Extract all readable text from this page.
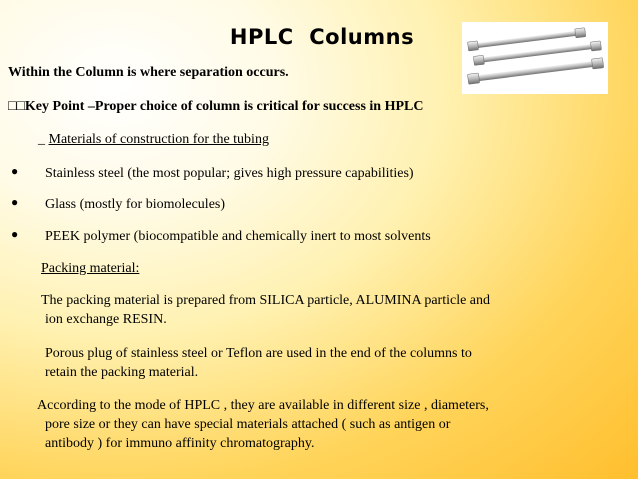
HPLC  Columns
Within the Column is where separation occurs.
□□Key Point –Proper choice of column is critical for success in HPLC
_ Materials of construction for the tubing
● Stainless steel (the most popular; gives high pressure capabilities)
● Glass (mostly for biomolecules)
● PEEK polymer (biocompatible and chemically inert to most solvents
Packing material:
The packing material is prepared from SILICA particle, ALUMINA particle and
ion exchange RESIN.
Porous plug of stainless steel or Teflon are used in the end of the columns to
retain the packing material.
According to the mode of HPLC , they are available in different size , diameters,
pore size or they can have special materials attached ( such as antigen or
antibody ) for immuno affinity chromatography.
